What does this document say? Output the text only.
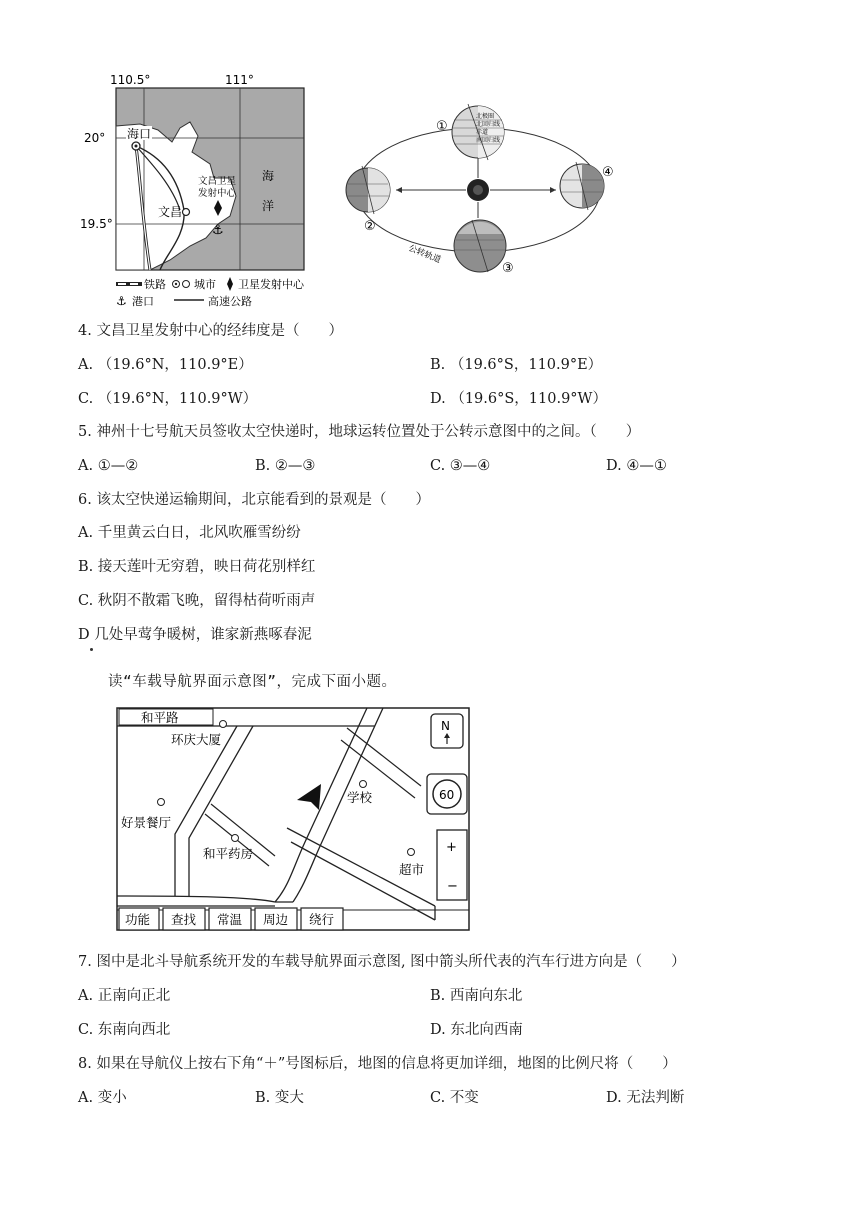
110.5°	111°
20°
19.5°
海口
文昌
文昌卫星 发射中心
⚓
海
洋
铁路	城市 卫星发射中心
⚓ 港口	高速公路
公转轨道
北极圈
北回归线
赤道
南回归线
①
②
③
④
4. 文昌卫星发射中心的经纬度是（　　）
A. （19.6°N，110.9°E）	B. （19.6°S，110.9°E）
C. （19.6°N，110.9°W）	D. （19.6°S，110.9°W）
5. 神州十七号航天员签收太空快递时，地球运转位置处于公转示意图中的之间。（　　）
A. ①—②	B. ②—③	C. ③—④	D. ④—①
6. 该太空快递运输期间，北京能看到的景观是（　　）
A. 千里黄云白日，北风吹雁雪纷纷
B. 接天莲叶无穷碧，映日荷花别样红
C. 秋阴不散霜飞晚，留得枯荷听雨声
D 几处早莺争暖树，谁家新燕啄春泥
读“车载导航界面示意图”，完成下面小题。
和平路
环庆大厦
学校
好景餐厅
和平药房
超市
N
60
+
−
功能 查找 常温 周边 绕行
7. 图中是北斗导航系统开发的车载导航界面示意图, 图中箭头所代表的汽车行进方向是（　　）
A. 正南向正北	B. 西南向东北
C. 东南向西北	D. 东北向西南
8. 如果在导航仪上按右下角“＋”号图标后，地图的信息将更加详细，地图的比例尺将（　　）
A. 变小	B. 变大	C. 不变	D. 无法判断
